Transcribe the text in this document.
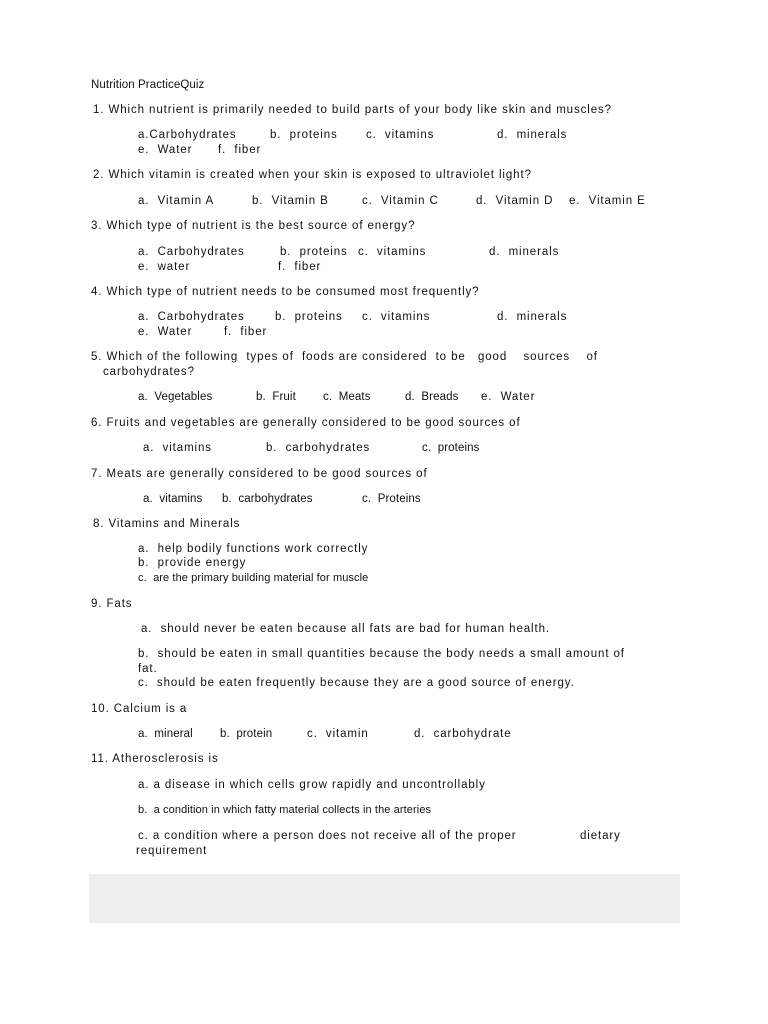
Nutrition PracticeQuiz

1. Which nutrient is primarily needed to build parts of your body like skin and muscles?

a.Carbohydrates	b.  proteins c.  vitamins	d.  minerals
e.  Water f.  fiber

2. Which vitamin is created when your skin is exposed to ultraviolet light?

a.  Vitamin A	b.  Vitamin B	c.  Vitamin C	d.  Vitamin D e.  Vitamin E

3. Which type of nutrient is the best source of energy?

a.  Carbohydrates	b.  proteins c.  vitamins	d.  minerals
e.  water	f.  fiber

4. Which type of nutrient needs to be consumed most frequently?

a.  Carbohydrates	b.  proteins c.  vitamins	d.  minerals
e.  Water	f.  fiber

5. Which of the following  types of  foods are considered  to be   good    sources    of

carbohydrates?

a.  Vegetables	b.  Fruit c.  Meats	d.  Breads e.  Water

6. Fruits and vegetables are generally considered to be good sources of

a.  vitamins	b.  carbohydrates	c.  proteins

7. Meats are generally considered to be good sources of

a.  vitamins b.  carbohydrates	c.  Proteins

8. Vitamins and Minerals

a.  help bodily functions work correctly
b.  provide energy
c.  are the primary building material for muscle

9. Fats

a.  should never be eaten because all fats are bad for human health.
b.  should be eaten in small quantities because the body needs a small amount of
fat.
c.  should be eaten frequently because they are a good source of energy.

10. Calcium is a

a.  mineral b.  protein	c.  vitamin	d.  carbohydrate

11. Atherosclerosis is

a. a disease in which cells grow rapidly and uncontrollably
b.  a condition in which fatty material collects in the arteries
c. a condition where a person does not receive all of the proper	dietary
requirement
